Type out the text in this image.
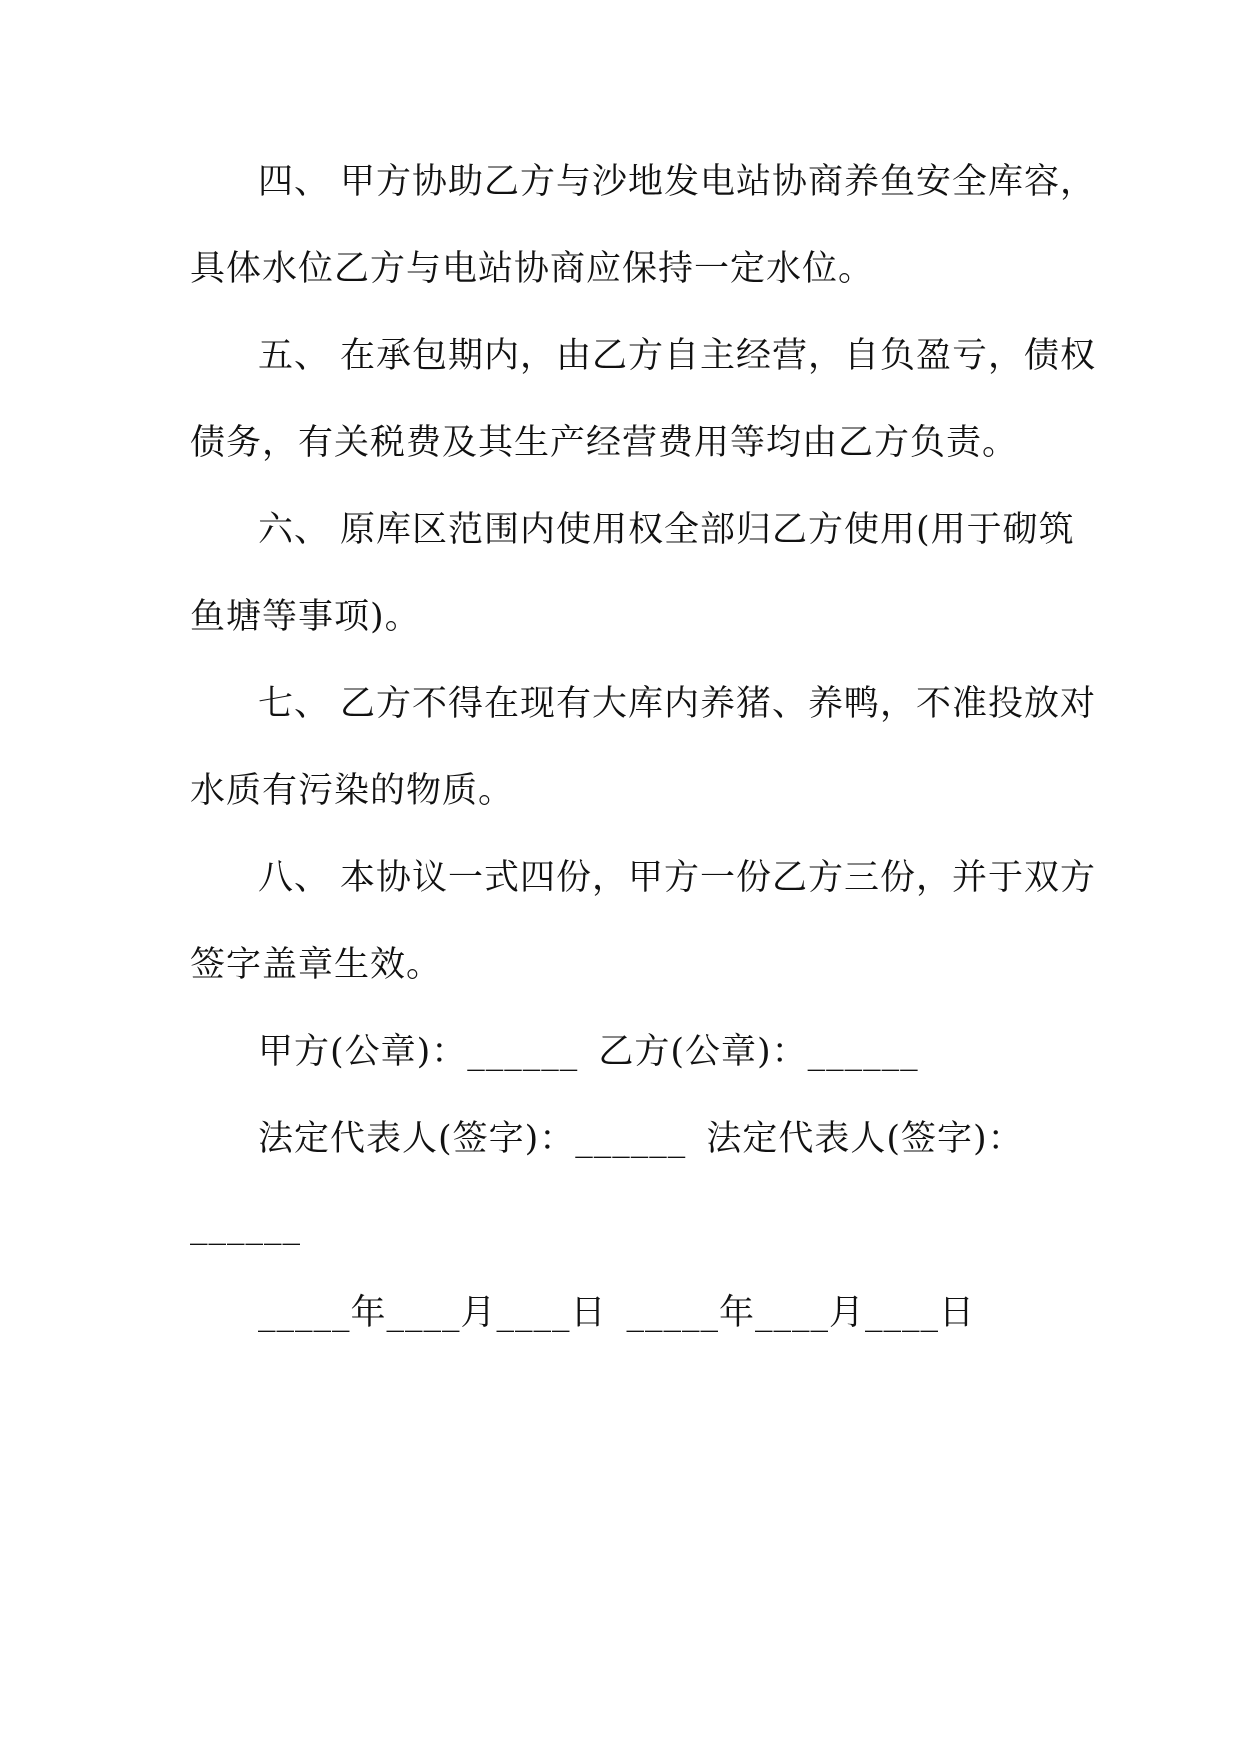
四、 甲方协助乙方与沙地发电站协商养鱼安全库容，
具体水位乙方与电站协商应保持一定水位。
五、 在承包期内，由乙方自主经营，自负盈亏，债权
债务，有关税费及其生产经营费用等均由乙方负责。
六、 原库区范围内使用权全部归乙方使用(用于砌筑
鱼塘等事项)。
七、 乙方不得在现有大库内养猪、养鸭，不准投放对
水质有污染的物质。
八、 本协议一式四份，甲方一份乙方三份，并于双方
签字盖章生效。
甲方(公章)：______ 乙方(公章)：______
法定代表人(签字)：______ 法定代表人(签字)：
______
_____年____月____日 _____年____月____日
